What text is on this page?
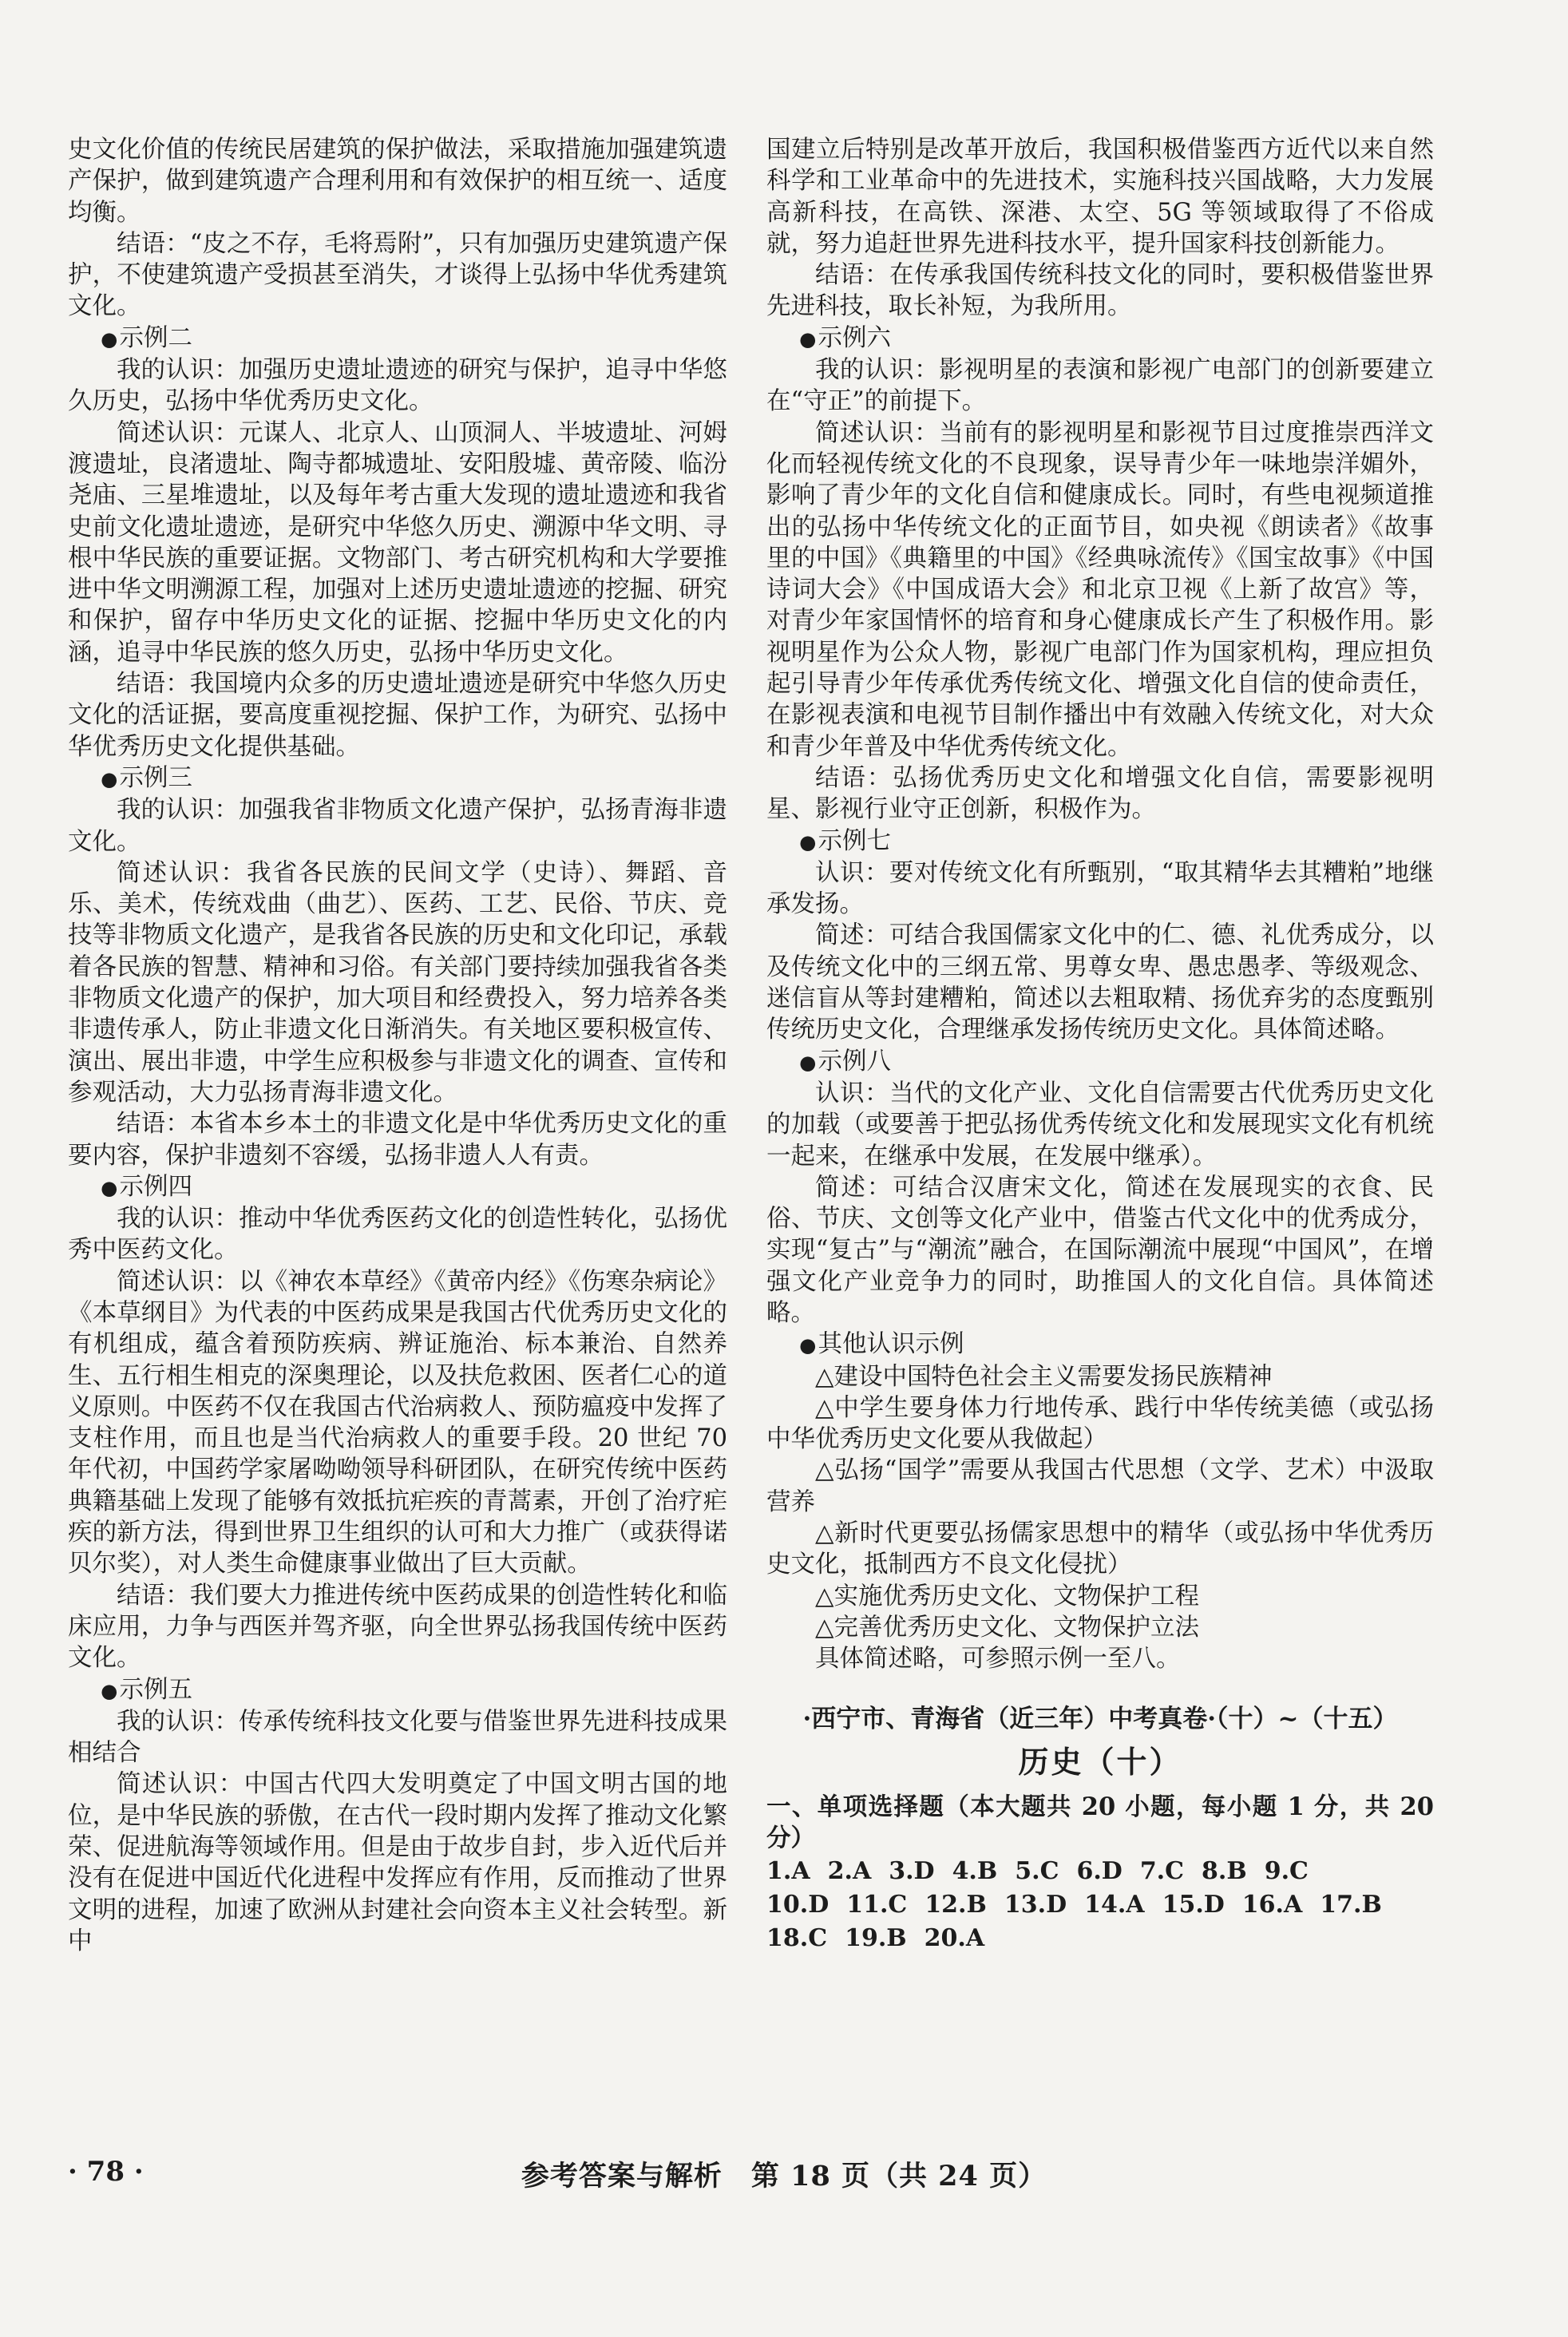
史文化价值的传统民居建筑的保护做法，采取措施加强建筑遗产保护，做到建筑遗产合理利用和有效保护的相互统一、适度均衡。

结语：“皮之不存，毛将焉附”，只有加强历史建筑遗产保护，不使建筑遗产受损甚至消失，才谈得上弘扬中华优秀建筑文化。

● 示例二

我的认识：加强历史遗址遗迹的研究与保护，追寻中华悠久历史，弘扬中华优秀历史文化。

简述认识：元谋人、北京人、山顶洞人、半坡遗址、河姆渡遗址，良渚遗址、陶寺都城遗址、安阳殷墟、黄帝陵、临汾尧庙、三星堆遗址，以及每年考古重大发现的遗址遗迹和我省史前文化遗址遗迹，是研究中华悠久历史、溯源中华文明、寻根中华民族的重要证据。文物部门、考古研究机构和大学要推进中华文明溯源工程，加强对上述历史遗址遗迹的挖掘、研究和保护，留存中华历史文化的证据、挖掘中华历史文化的内涵，追寻中华民族的悠久历史，弘扬中华历史文化。

结语：我国境内众多的历史遗址遗迹是研究中华悠久历史文化的活证据，要高度重视挖掘、保护工作，为研究、弘扬中华优秀历史文化提供基础。

● 示例三

我的认识：加强我省非物质文化遗产保护，弘扬青海非遗文化。

简述认识：我省各民族的民间文学（史诗）、舞蹈、音乐、美术，传统戏曲（曲艺）、医药、工艺、民俗、节庆、竞技等非物质文化遗产，是我省各民族的历史和文化印记，承载着各民族的智慧、精神和习俗。有关部门要持续加强我省各类非物质文化遗产的保护，加大项目和经费投入，努力培养各类非遗传承人，防止非遗文化日渐消失。有关地区要积极宣传、演出、展出非遗，中学生应积极参与非遗文化的调查、宣传和参观活动，大力弘扬青海非遗文化。

结语：本省本乡本土的非遗文化是中华优秀历史文化的重要内容，保护非遗刻不容缓，弘扬非遗人人有责。

● 示例四

我的认识：推动中华优秀医药文化的创造性转化，弘扬优秀中医药文化。

简述认识：以《神农本草经》《黄帝内经》《伤寒杂病论》《本草纲目》为代表的中医药成果是我国古代优秀历史文化的有机组成，蕴含着预防疾病、辨证施治、标本兼治、自然养生、五行相生相克的深奥理论，以及扶危救困、医者仁心的道义原则。中医药不仅在我国古代治病救人、预防瘟疫中发挥了支柱作用，而且也是当代治病救人的重要手段。20 世纪 70 年代初，中国药学家屠呦呦领导科研团队，在研究传统中医药典籍基础上发现了能够有效抵抗疟疾的青蒿素，开创了治疗疟疾的新方法，得到世界卫生组织的认可和大力推广（或获得诺贝尔奖），对人类生命健康事业做出了巨大贡献。

结语：我们要大力推进传统中医药成果的创造性转化和临床应用，力争与西医并驾齐驱，向全世界弘扬我国传统中医药文化。

● 示例五

我的认识：传承传统科技文化要与借鉴世界先进科技成果相结合

简述认识：中国古代四大发明奠定了中国文明古国的地位，是中华民族的骄傲，在古代一段时期内发挥了推动文化繁荣、促进航海等领域作用。但是由于故步自封，步入近代后并没有在促进中国近代化进程中发挥应有作用，反而推动了世界文明的进程，加速了欧洲从封建社会向资本主义社会转型。新中

国建立后特别是改革开放后，我国积极借鉴西方近代以来自然科学和工业革命中的先进技术，实施科技兴国战略，大力发展高新科技，在高铁、深港、太空、5G 等领域取得了不俗成就，努力追赶世界先进科技水平，提升国家科技创新能力。

结语：在传承我国传统科技文化的同时，要积极借鉴世界先进科技，取长补短，为我所用。

● 示例六

我的认识：影视明星的表演和影视广电部门的创新要建立在“守正”的前提下。

简述认识：当前有的影视明星和影视节目过度推崇西洋文化而轻视传统文化的不良现象，误导青少年一味地崇洋媚外，影响了青少年的文化自信和健康成长。同时，有些电视频道推出的弘扬中华传统文化的正面节目，如央视《朗读者》《故事里的中国》《典籍里的中国》《经典咏流传》《国宝故事》《中国诗词大会》《中国成语大会》和北京卫视《上新了故宫》等，对青少年家国情怀的培育和身心健康成长产生了积极作用。影视明星作为公众人物，影视广电部门作为国家机构，理应担负起引导青少年传承优秀传统文化、增强文化自信的使命责任，在影视表演和电视节目制作播出中有效融入传统文化，对大众和青少年普及中华优秀传统文化。

结语：弘扬优秀历史文化和增强文化自信，需要影视明星、影视行业守正创新，积极作为。

● 示例七

认识：要对传统文化有所甄别，“取其精华去其糟粕”地继承发扬。

简述：可结合我国儒家文化中的仁、德、礼优秀成分，以及传统文化中的三纲五常、男尊女卑、愚忠愚孝、等级观念、迷信盲从等封建糟粕，简述以去粗取精、扬优弃劣的态度甄别传统历史文化，合理继承发扬传统历史文化。具体简述略。

● 示例八

认识：当代的文化产业、文化自信需要古代优秀历史文化的加载（或要善于把弘扬优秀传统文化和发展现实文化有机统一起来，在继承中发展，在发展中继承）。

简述：可结合汉唐宋文化，简述在发展现实的衣食、民俗、节庆、文创等文化产业中，借鉴古代文化中的优秀成分，实现“复古”与“潮流”融合，在国际潮流中展现“中国风”，在增强文化产业竞争力的同时，助推国人的文化自信。具体简述略。

● 其他认识示例

△建设中国特色社会主义需要发扬民族精神

△中学生要身体力行地传承、践行中华传统美德（或弘扬中华优秀历史文化要从我做起）

△弘扬“国学”需要从我国古代思想（文学、艺术）中汲取营养

△新时代更要弘扬儒家思想中的精华（或弘扬中华优秀历史文化，抵制西方不良文化侵扰）

△实施优秀历史文化、文物保护工程

△完善优秀历史文化、文物保护立法

具体简述略，可参照示例一至八。

·西宁市、青海省（近三年）中考真卷·（十）~（十五）

历史（十）

一、单项选择题（本大题共 20 小题，每小题 1 分，共 20 分）

1.A 2.A 3.D 4.B 5.C 6.D 7.C 8.B 9.C
10.D 11.C 12.B 13.D 14.A 15.D 16.A 17.B
18.C 19.B 20.A
· 78 ·	参考答案与解析　第 18 页（共 24 页）
